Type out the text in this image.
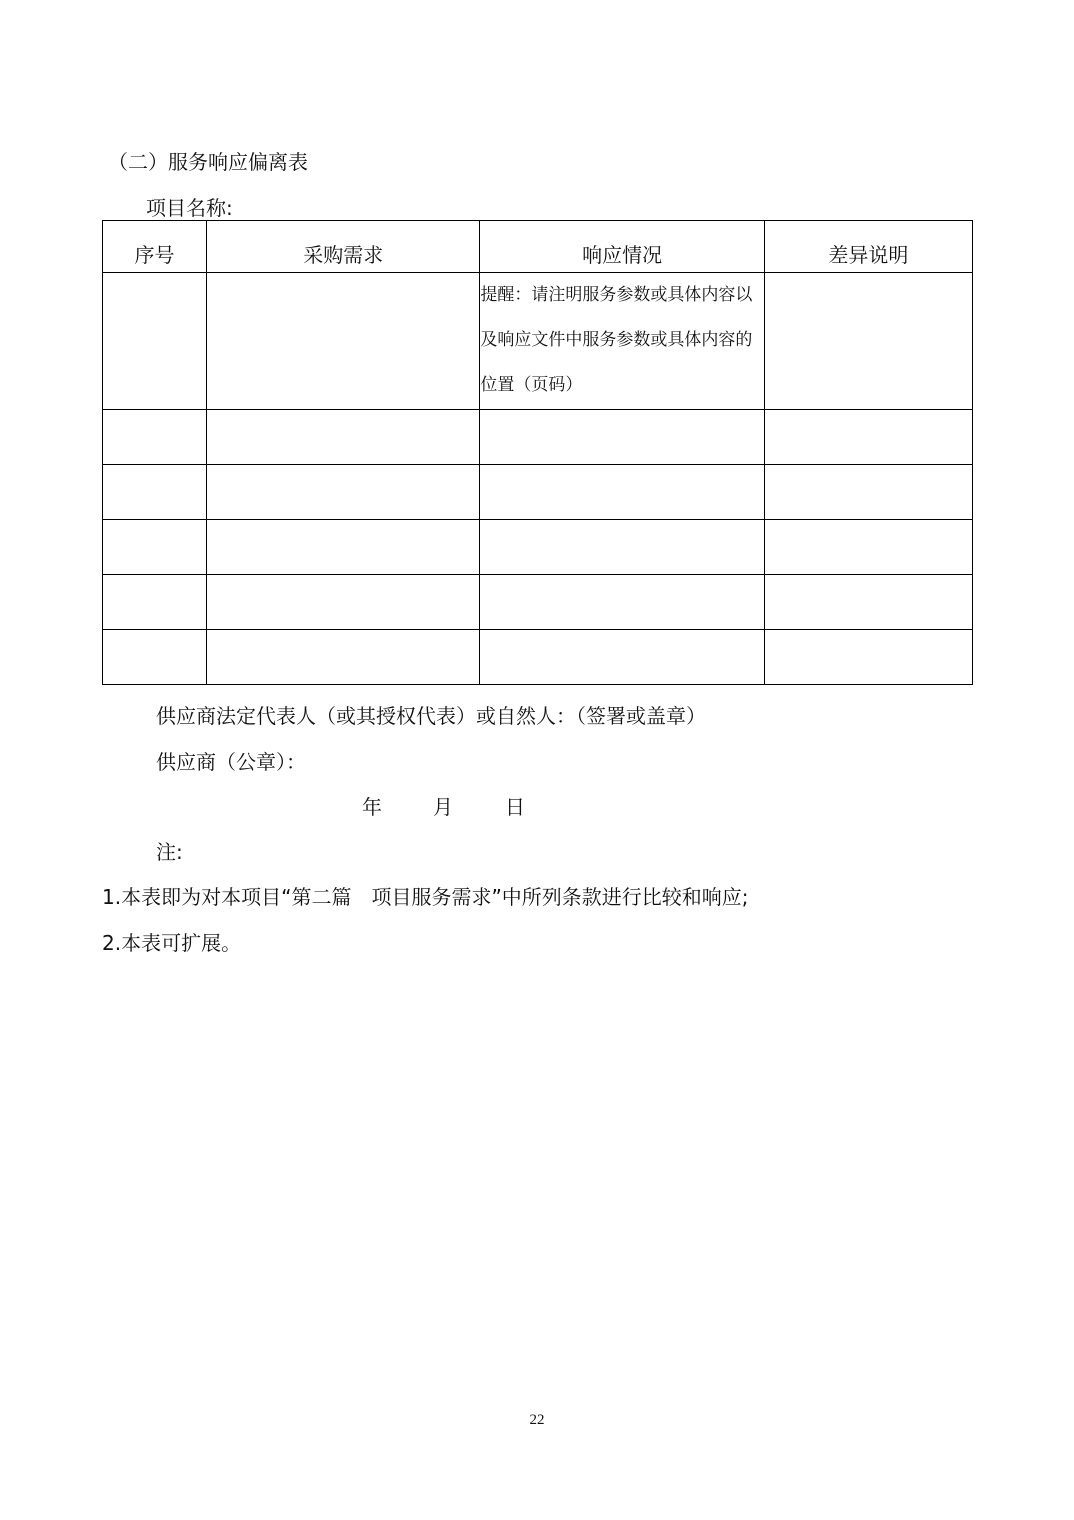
（二）服务响应偏离表
项目名称:
序号	采购需求	响应情况	差异说明
		提醒：请注明服务参数或具体内容以及响应文件中服务参数或具体内容的位置（页码）	

供应商法定代表人（或其授权代表）或自然人：（签署或盖章）
供应商（公章）：
年	月	日
注:
1.本表即为对本项目“第二篇　项目服务需求”中所列条款进行比较和响应;
2.本表可扩展。
22
